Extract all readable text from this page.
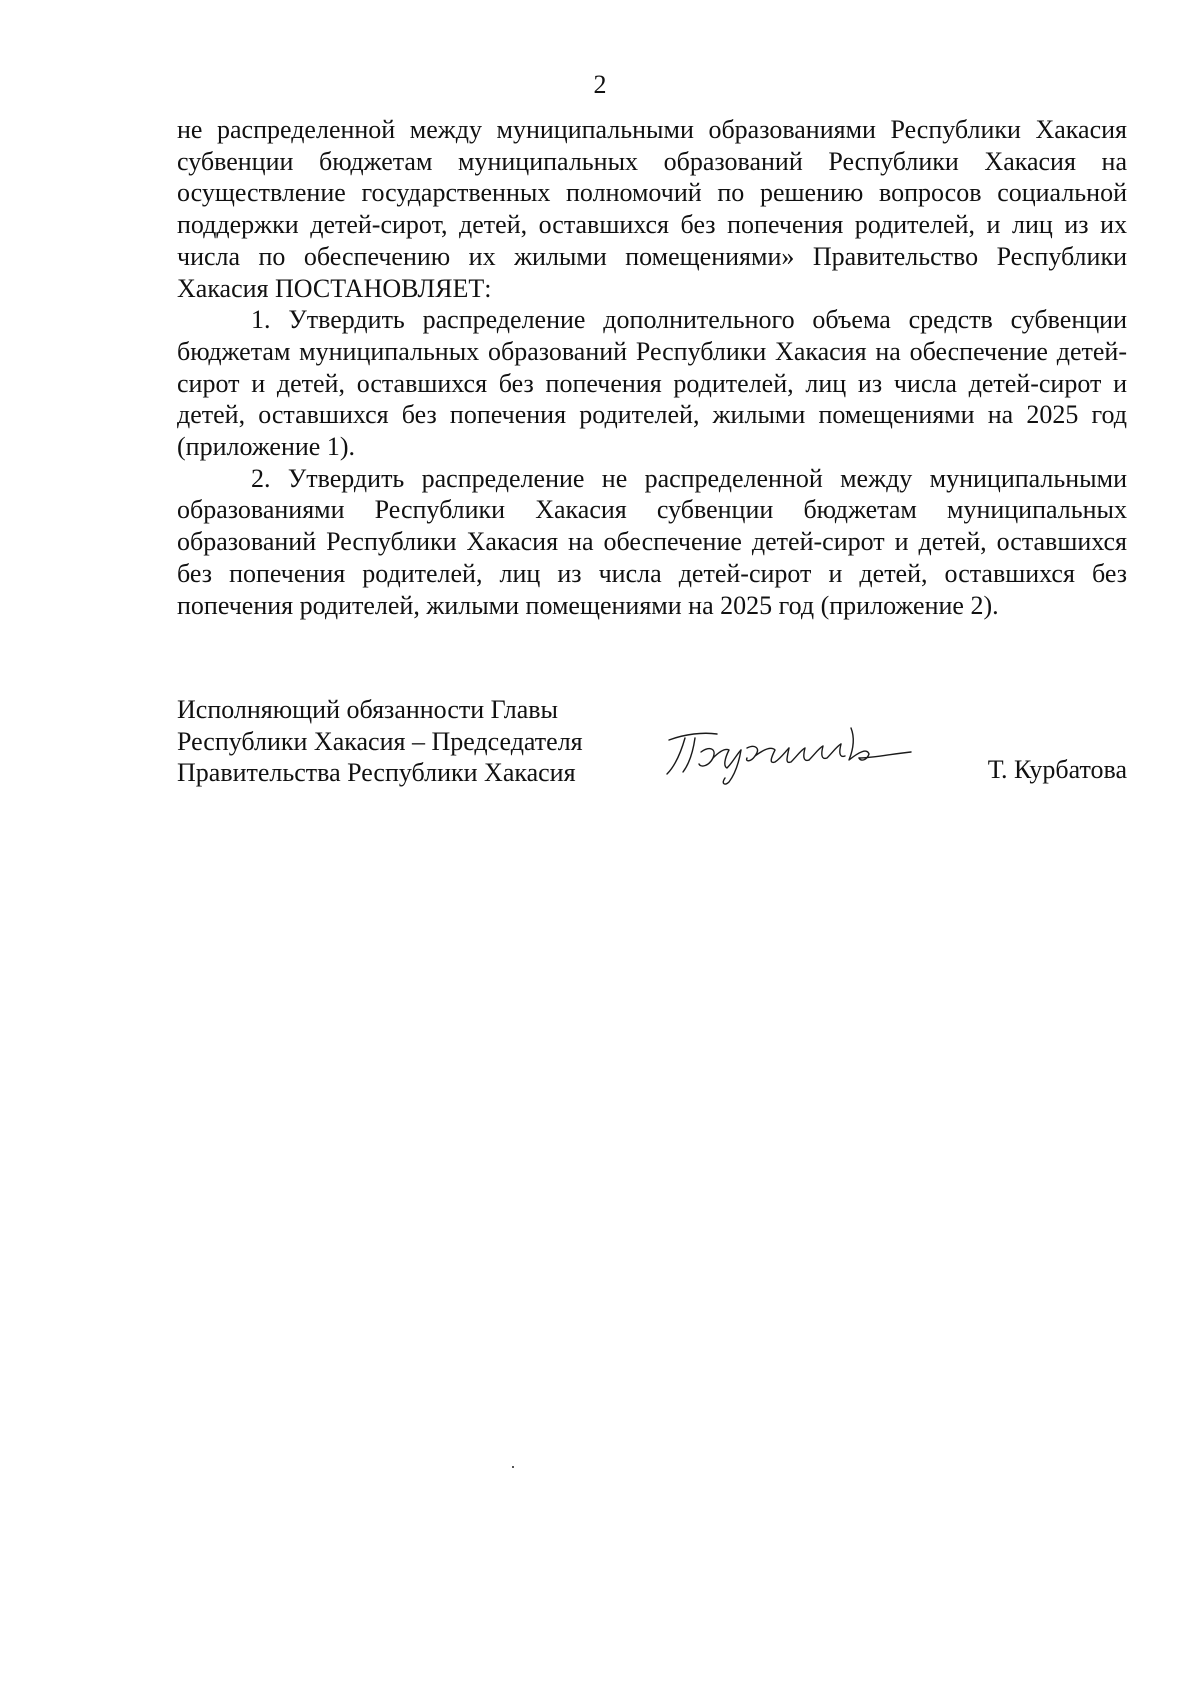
2

не распределенной между муниципальными образованиями Республики Хакасия субвенции бюджетам муниципальных образований Республики Хакасия на осуществление государственных полномочий по решению вопросов социальной поддержки детей-сирот, детей, оставшихся без попечения родителей, и лиц из их числа по обеспечению их жилыми помещениями» Правительство Республики Хакасия ПОСТАНОВЛЯЕТ:

1. Утвердить распределение дополнительного объема средств субвенции бюджетам муниципальных образований Республики Хакасия на обеспечение детей-сирот и детей, оставшихся без попечения родителей, лиц из числа детей-сирот и детей, оставшихся без попечения родителей, жилыми помещениями на 2025 год (приложение 1).

2. Утвердить распределение не распределенной между муниципальными образованиями Республики Хакасия субвенции бюджетам муниципальных образований Республики Хакасия на обеспечение детей-сирот и детей, оставшихся без попечения родителей, лиц из числа детей-сирот и детей, оставшихся без попечения родителей, жилыми помещениями на 2025 год (приложение 2).

Исполняющий обязанности Главы
Республики Хакасия – Председателя
Правительства Республики Хакасия	Т. Курбатова
